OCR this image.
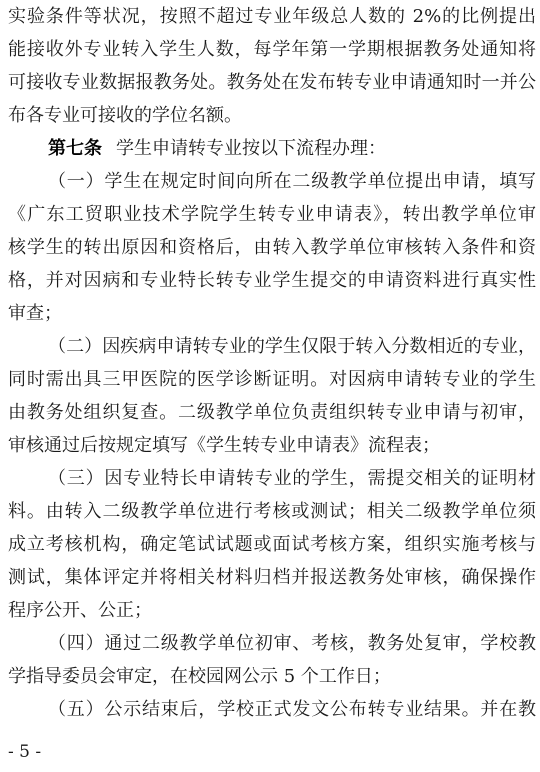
实验条件等状况，按照不超过专业年级总人数的 2%的比例提出
能接收外专业转入学生人数，每学年第一学期根据教务处通知将
可接收专业数据报教务处。教务处在发布转专业申请通知时一并公
布各专业可接收的学位名额。
第七条 学生申请转专业按以下流程办理：
（一）学生在规定时间向所在二级教学单位提出申请，填写
《广东工贸职业技术学院学生转专业申请表》，转出教学单位审
核学生的转出原因和资格后，由转入教学单位审核转入条件和资
格，并对因病和专业特长转专业学生提交的申请资料进行真实性
审查；
（二）因疾病申请转专业的学生仅限于转入分数相近的专业，
同时需出具三甲医院的医学诊断证明。对因病申请转专业的学生
由教务处组织复查。二级教学单位负责组织转专业申请与初审，
审核通过后按规定填写《学生转专业申请表》流程表；
（三）因专业特长申请转专业的学生，需提交相关的证明材
料。由转入二级教学单位进行考核或测试；相关二级教学单位须
成立考核机构，确定笔试试题或面试考核方案，组织实施考核与
测试，集体评定并将相关材料归档并报送教务处审核，确保操作
程序公开、公正；
（四）通过二级教学单位初审、考核，教务处复审，学校教
学指导委员会审定，在校园网公示 5 个工作日；
（五）公示结束后，学校正式发文公布转专业结果。并在教
- 5 -
